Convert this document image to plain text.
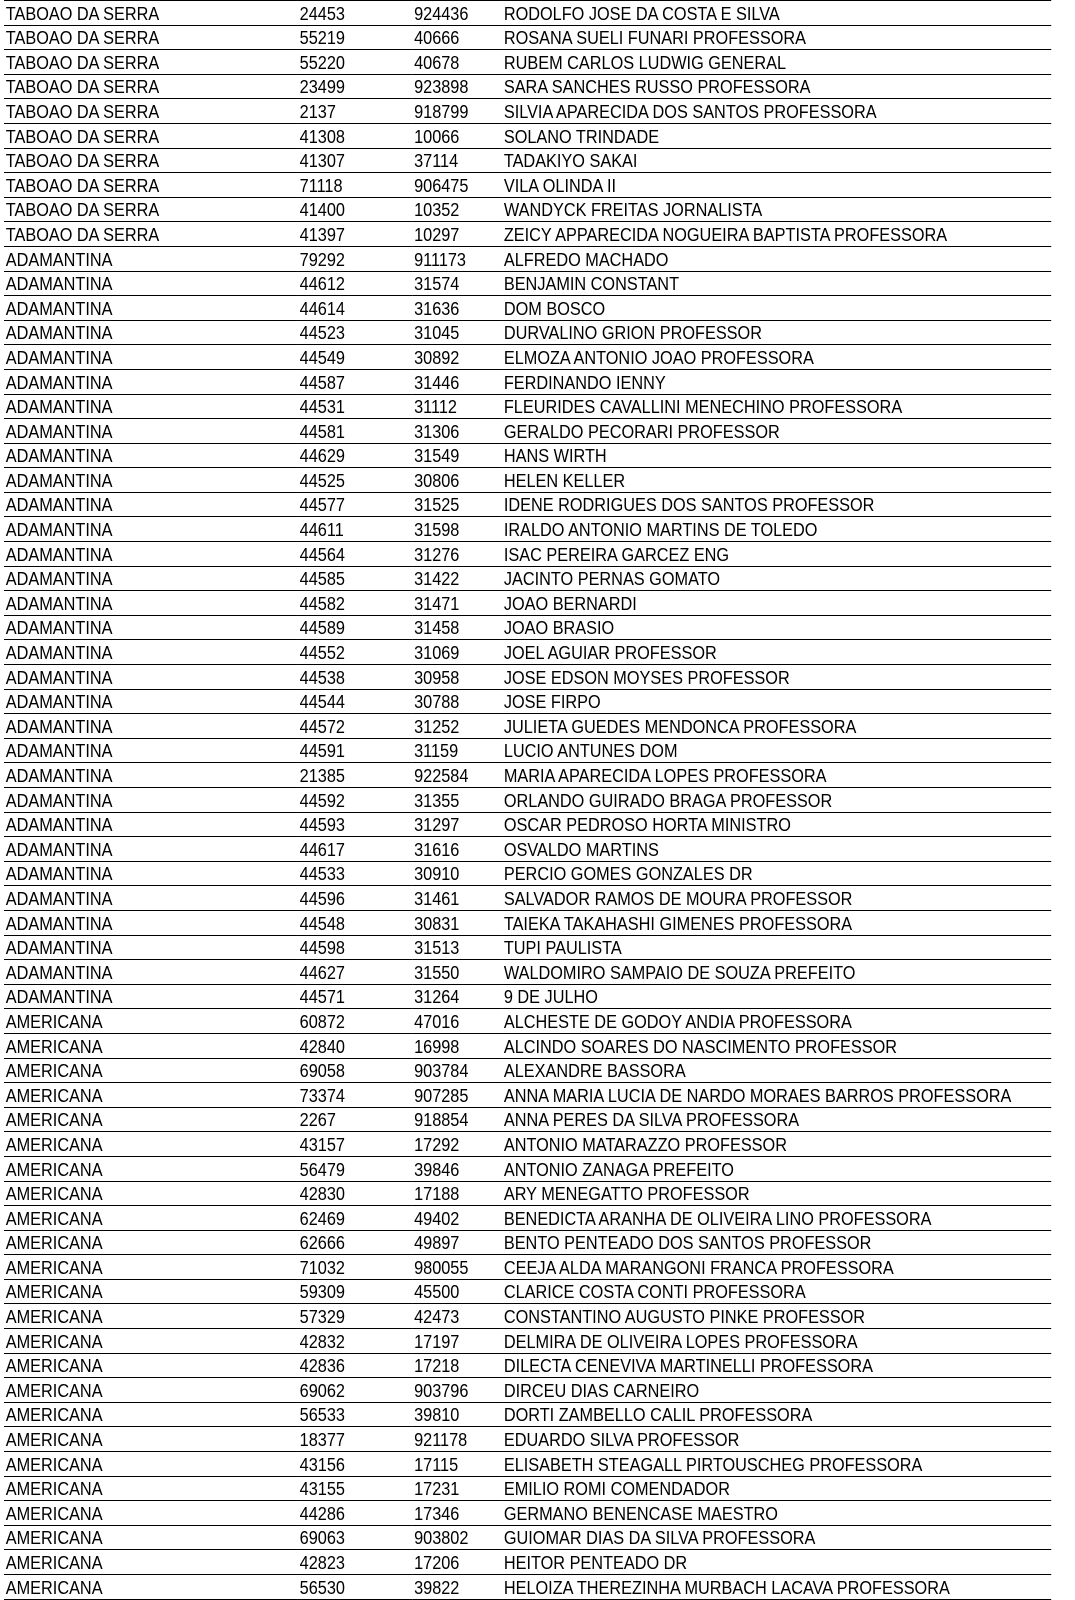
TABOAO DA SERRA	24453	924436	RODOLFO JOSE DA COSTA E SILVA
TABOAO DA SERRA	55219	40666	ROSANA SUELI FUNARI PROFESSORA
TABOAO DA SERRA	55220	40678	RUBEM CARLOS LUDWIG GENERAL
TABOAO DA SERRA	23499	923898	SARA SANCHES RUSSO PROFESSORA
TABOAO DA SERRA	2137	918799	SILVIA APARECIDA DOS SANTOS PROFESSORA
TABOAO DA SERRA	41308	10066	SOLANO TRINDADE
TABOAO DA SERRA	41307	37114	TADAKIYO SAKAI
TABOAO DA SERRA	71118	906475	VILA OLINDA II
TABOAO DA SERRA	41400	10352	WANDYCK FREITAS JORNALISTA
TABOAO DA SERRA	41397	10297	ZEICY APPARECIDA NOGUEIRA BAPTISTA PROFESSORA
ADAMANTINA	79292	911173	ALFREDO MACHADO
ADAMANTINA	44612	31574	BENJAMIN CONSTANT
ADAMANTINA	44614	31636	DOM BOSCO
ADAMANTINA	44523	31045	DURVALINO GRION PROFESSOR
ADAMANTINA	44549	30892	ELMOZA ANTONIO JOAO PROFESSORA
ADAMANTINA	44587	31446	FERDINANDO IENNY
ADAMANTINA	44531	31112	FLEURIDES CAVALLINI MENECHINO PROFESSORA
ADAMANTINA	44581	31306	GERALDO PECORARI PROFESSOR
ADAMANTINA	44629	31549	HANS WIRTH
ADAMANTINA	44525	30806	HELEN KELLER
ADAMANTINA	44577	31525	IDENE RODRIGUES DOS SANTOS PROFESSOR
ADAMANTINA	44611	31598	IRALDO ANTONIO MARTINS DE TOLEDO
ADAMANTINA	44564	31276	ISAC PEREIRA GARCEZ ENG
ADAMANTINA	44585	31422	JACINTO PERNAS GOMATO
ADAMANTINA	44582	31471	JOAO BERNARDI
ADAMANTINA	44589	31458	JOAO BRASIO
ADAMANTINA	44552	31069	JOEL AGUIAR PROFESSOR
ADAMANTINA	44538	30958	JOSE EDSON MOYSES PROFESSOR
ADAMANTINA	44544	30788	JOSE FIRPO
ADAMANTINA	44572	31252	JULIETA GUEDES MENDONCA PROFESSORA
ADAMANTINA	44591	31159	LUCIO ANTUNES DOM
ADAMANTINA	21385	922584	MARIA APARECIDA LOPES PROFESSORA
ADAMANTINA	44592	31355	ORLANDO GUIRADO BRAGA PROFESSOR
ADAMANTINA	44593	31297	OSCAR PEDROSO HORTA MINISTRO
ADAMANTINA	44617	31616	OSVALDO MARTINS
ADAMANTINA	44533	30910	PERCIO GOMES GONZALES DR
ADAMANTINA	44596	31461	SALVADOR RAMOS DE MOURA PROFESSOR
ADAMANTINA	44548	30831	TAIEKA TAKAHASHI GIMENES PROFESSORA
ADAMANTINA	44598	31513	TUPI PAULISTA
ADAMANTINA	44627	31550	WALDOMIRO SAMPAIO DE SOUZA PREFEITO
ADAMANTINA	44571	31264	9 DE JULHO
AMERICANA	60872	47016	ALCHESTE DE GODOY ANDIA PROFESSORA
AMERICANA	42840	16998	ALCINDO SOARES DO NASCIMENTO PROFESSOR
AMERICANA	69058	903784	ALEXANDRE BASSORA
AMERICANA	73374	907285	ANNA MARIA LUCIA DE NARDO MORAES BARROS PROFESSORA
AMERICANA	2267	918854	ANNA PERES DA SILVA PROFESSORA
AMERICANA	43157	17292	ANTONIO MATARAZZO PROFESSOR
AMERICANA	56479	39846	ANTONIO ZANAGA PREFEITO
AMERICANA	42830	17188	ARY MENEGATTO PROFESSOR
AMERICANA	62469	49402	BENEDICTA ARANHA DE OLIVEIRA LINO PROFESSORA
AMERICANA	62666	49897	BENTO PENTEADO DOS SANTOS PROFESSOR
AMERICANA	71032	980055	CEEJA ALDA MARANGONI FRANCA PROFESSORA
AMERICANA	59309	45500	CLARICE COSTA CONTI PROFESSORA
AMERICANA	57329	42473	CONSTANTINO AUGUSTO PINKE PROFESSOR
AMERICANA	42832	17197	DELMIRA DE OLIVEIRA LOPES PROFESSORA
AMERICANA	42836	17218	DILECTA CENEVIVA MARTINELLI PROFESSORA
AMERICANA	69062	903796	DIRCEU DIAS CARNEIRO
AMERICANA	56533	39810	DORTI ZAMBELLO CALIL PROFESSORA
AMERICANA	18377	921178	EDUARDO SILVA PROFESSOR
AMERICANA	43156	17115	ELISABETH STEAGALL PIRTOUSCHEG PROFESSORA
AMERICANA	43155	17231	EMILIO ROMI COMENDADOR
AMERICANA	44286	17346	GERMANO BENENCASE MAESTRO
AMERICANA	69063	903802	GUIOMAR DIAS DA SILVA PROFESSORA
AMERICANA	42823	17206	HEITOR PENTEADO DR
AMERICANA	56530	39822	HELOIZA THEREZINHA MURBACH LACAVA PROFESSORA
